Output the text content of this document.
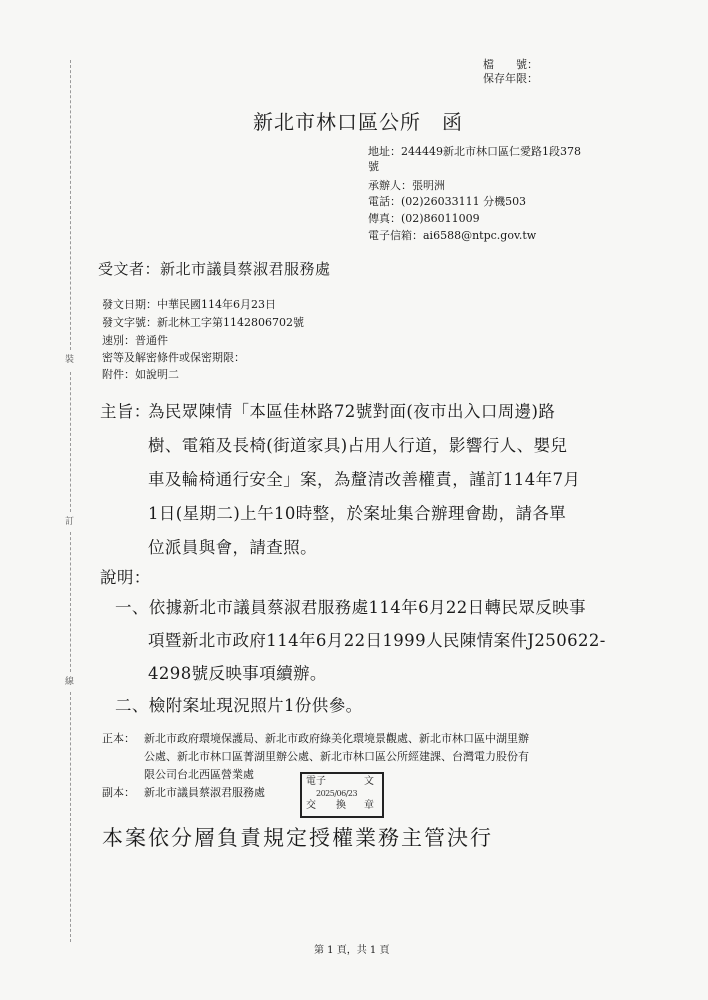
裝
訂
線
檔　　號：
保存年限：
新北市林口區公所　函
地址：244449新北市林口區仁愛路1段378
號
承辦人：張明洲
電話：(02)26033111 分機503
傳真：(02)86011009
電子信箱：ai6588@ntpc.gov.tw
受文者：新北市議員蔡淑君服務處
發文日期：中華民國114年6月23日
發文字號：新北林工字第1142806702號
速別：普通件
密等及解密條件或保密期限：
附件：如說明二
主旨：
為民眾陳情「本區佳林路72號對面(夜市出入口周邊)路
樹、電箱及長椅(街道家具)占用人行道，影響行人、嬰兒
車及輪椅通行安全」案，為釐清改善權責，謹訂114年7月
1日(星期二)上午10時整，於案址集合辦理會勘，請各單
位派員與會，請查照。
說明：
一、依據新北市議員蔡淑君服務處114年6月22日轉民眾反映事
項暨新北市政府114年6月22日1999人民陳情案件J250622-
4298號反映事項續辦。
二、檢附案址現況照片1份供參。
正本： 新北市政府環境保護局、新北市政府綠美化環境景觀處、新北市林口區中湖里辦
公處、新北市林口區菁湖里辦公處、新北市林口區公所經建課、台灣電力股份有
限公司台北西區營業處
副本： 新北市議員蔡淑君服務處
電子	文
2025/06/23
交 換 章
本案依分層負責規定授權業務主管決行
第 1 頁，共 1 頁
